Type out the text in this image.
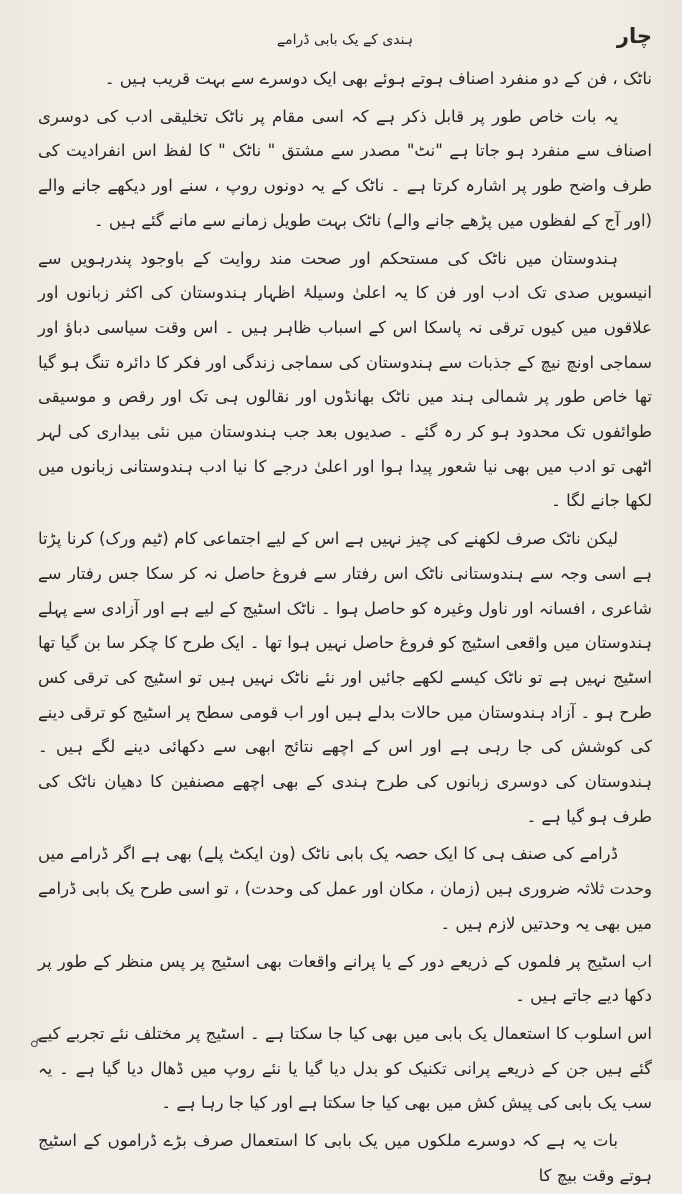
چار
ہندی کے یک بابی ڈرامے

ناٹک ، فن کے دو منفرد اصناف ہوتے ہوئے بھی ایک دوسرے سے بہت قریب ہیں ۔

یہ بات خاص طور پر قابل ذکر ہے کہ اسی مقام پر ناٹک تخلیقی ادب کی دوسری اصناف سے منفرد ہو جاتا ہے "نٹ" مصدر سے مشتق " ناٹک " کا لفظ اس انفرادیت کی طرف واضح طور پر اشارہ کرتا ہے ۔ ناٹک کے یہ دونوں روپ ، سنے اور دیکھے جانے والے (اور آج کے لفظوں میں پڑھے جانے والے) ناٹک بہت طویل زمانے سے مانے گئے ہیں ۔

ہندوستان میں ناٹک کی مستحکم اور صحت مند روایت کے باوجود پندرہویں سے انیسویں صدی تک ادب اور فن کا یہ اعلیٰ وسیلۂ اظہار ہندوستان کی اکثر زبانوں اور علاقوں میں کیوں ترقی نہ پاسکا اس کے اسباب ظاہر ہیں ۔ اس وقت سیاسی دباؤ اور سماجی اونچ نیچ کے جذبات سے ہندوستان کی سماجی زندگی اور فکر کا دائرہ تنگ ہو گیا تھا خاص طور پر شمالی ہند میں ناٹک بھانڈوں اور نقالوں ہی تک اور رقص و موسیقی طوائفوں تک محدود ہو کر رہ گئے ۔ صدیوں بعد جب ہندوستان میں نئی بیداری کی لہر اٹھی تو ادب میں بھی نیا شعور پیدا ہوا اور اعلیٰ درجے کا نیا ادب ہندوستانی زبانوں میں لکھا جانے لگا ۔

لیکن ناٹک صرف لکھنے کی چیز نہیں ہے اس کے لیے اجتماعی کام (ٹیم ورک) کرنا پڑتا ہے اسی وجہ سے ہندوستانی ناٹک اس رفتار سے فروغ حاصل نہ کر سکا جس رفتار سے شاعری ، افسانہ اور ناول وغیرہ کو حاصل ہوا ۔ ناٹک اسٹیج کے لیے ہے اور آزادی سے پہلے ہندوستان میں واقعی اسٹیج کو فروغ حاصل نہیں ہوا تھا ۔ ایک طرح کا چکر سا بن گیا تھا اسٹیج نہیں ہے تو ناٹک کیسے لکھے جائیں اور نئے ناٹک نہیں ہیں تو اسٹیج کی ترقی کس طرح ہو ۔ آزاد ہندوستان میں حالات بدلے ہیں اور اب قومی سطح پر اسٹیج کو ترقی دینے کی کوشش کی جا رہی ہے اور اس کے اچھے نتائج ابھی سے دکھائی دینے لگے ہیں ۔ ہندوستان کی دوسری زبانوں کی طرح ہندی کے بھی اچھے مصنفین کا دھیان ناٹک کی طرف ہو گیا ہے ۔

ڈرامے کی صنف ہی کا ایک حصہ یک بابی ناٹک (ون ایکٹ پلے) بھی ہے اگر ڈرامے میں وحدت ثلاثہ ضروری ہیں (زمان ، مکان اور عمل کی وحدت) ، تو اسی طرح یک بابی ڈرامے میں بھی یہ وحدتیں لازم ہیں ۔

اب اسٹیج پر فلموں کے ذریعے دور کے یا پرانے واقعات بھی اسٹیج پر پس منظر کے طور پر دکھا دیے جاتے ہیں ۔

اس اسلوب کا استعمال یک بابی میں بھی کیا جا سکتا ہے ۔ اسٹیج پر مختلف نئے تجربے کیے گئے ہیں جن کے ذریعے پرانی تکنیک کو بدل دیا گیا یا نئے روپ میں ڈھال دیا گیا ہے ۔ یہ سب یک بابی کی پیش کش میں بھی کیا جا سکتا ہے اور کیا جا رہا ہے ۔

بات یہ ہے کہ دوسرے ملکوں میں یک بابی کا استعمال صرف بڑے ڈراموں کے اسٹیج ہوتے وقت بیچ کا

♂
